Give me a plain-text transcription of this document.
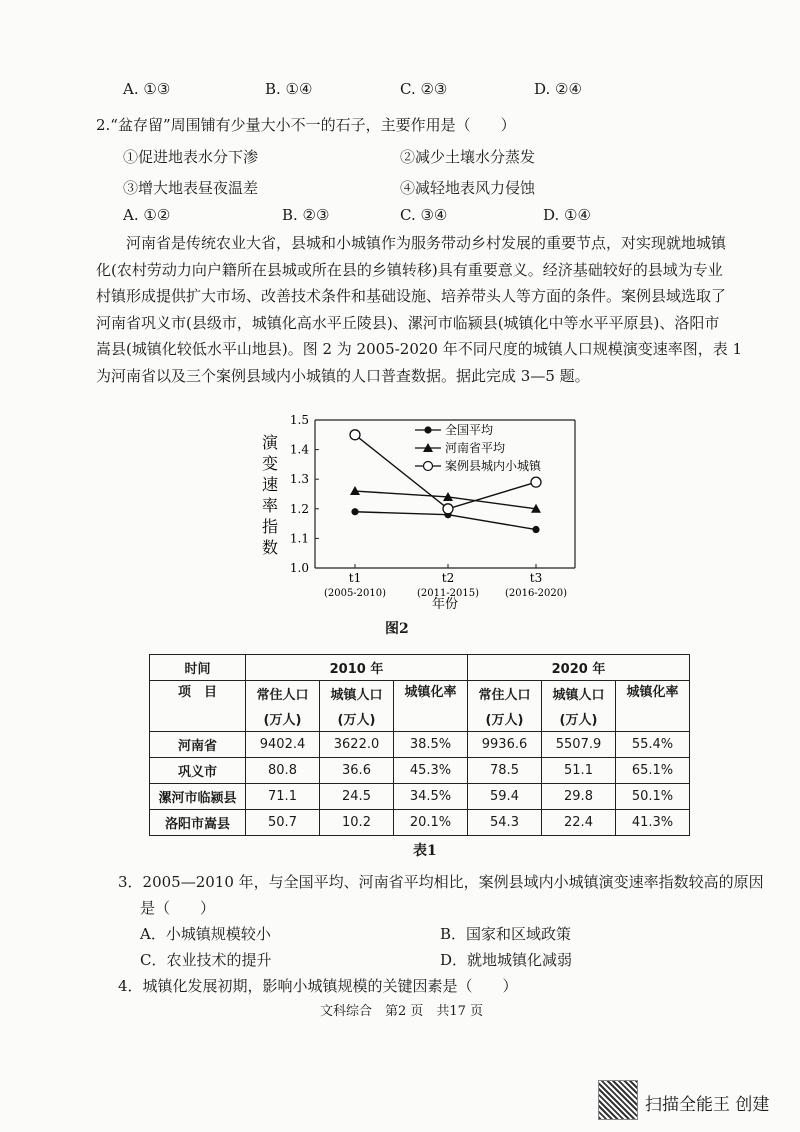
A. ①③	B. ①④	C. ②③	D. ②④
2.“盆存留”周围铺有少量大小不一的石子，主要作用是（　　）
①促进地表水分下渗	②减少土壤水分蒸发
③增大地表昼夜温差	④减轻地表风力侵蚀
A. ①②	B. ②③	C. ③④	D. ①④
河南省是传统农业大省，县城和小城镇作为服务带动乡村发展的重要节点，对实现就地城镇
化(农村劳动力向户籍所在县城或所在县的乡镇转移)具有重要意义。经济基础较好的县域为专业
村镇形成提供扩大市场、改善技术条件和基础设施、培养带头人等方面的条件。案例县域选取了
河南省巩义市(县级市，城镇化高水平丘陵县)、漯河市临颍县(城镇化中等水平平原县)、洛阳市
嵩县(城镇化较低水平山地县)。图 2 为 2005-2020 年不同尺度的城镇人口规模演变速率图，表 1
为河南省以及三个案例县域内小城镇的人口普查数据。据此完成 3—5 题。
1.0
1.1
1.2
1.3
1.4
1.5
t1
(2005-2010)
t2
(2011-2015)
t3
(2016-2020)
全国平均
河南省平均
案例县城内小城镇
演变速率指数
年份
图2
时间	2010 年			2020 年		
项　目	常住人口	城镇人口	城镇化率	常住人口	城镇人口	城镇化率
	(万人)	(万人)		(万人)	(万人)	
河南省	9402.4	3622.0	38.5%	9936.6	5507.9	55.4%
巩义市	80.8	36.6	45.3%	78.5	51.1	65.1%
漯河市临颍县	71.1	24.5	34.5%	59.4	29.8	50.1%
洛阳市嵩县	50.7	10.2	20.1%	54.3	22.4	41.3%
表1
3．2005—2010 年，与全国平均、河南省平均相比，案例县域内小城镇演变速率指数较高的原因
是（　　）
A．小城镇规模较小	B．国家和区域政策
C．农业技术的提升	D．就地城镇化减弱
4．城镇化发展初期，影响小城镇规模的关键因素是（　　）
文科综合　第2 页　共17 页
扫描全能王 创建
